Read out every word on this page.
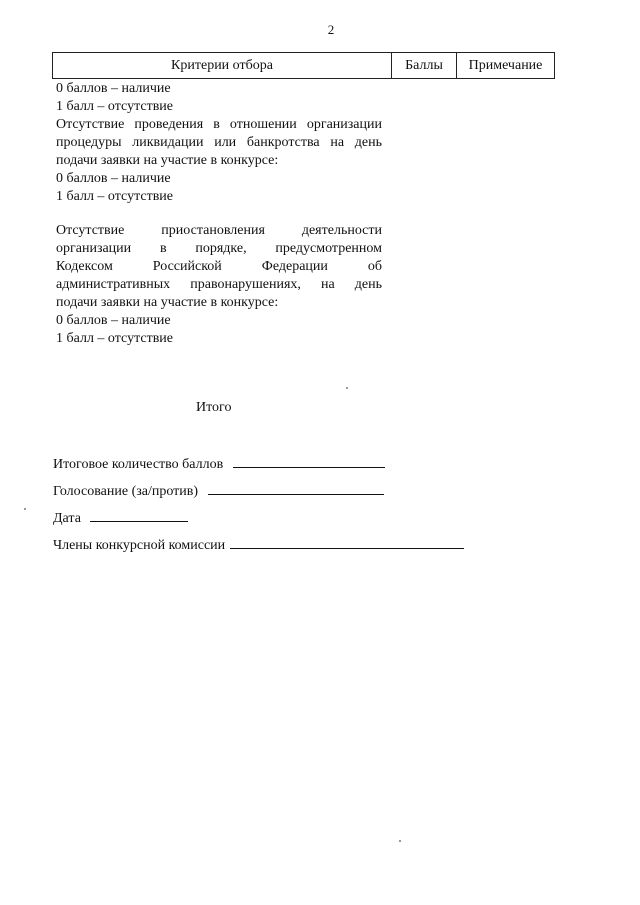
2
Критерии отбора	Баллы	Примечание

0 баллов – наличие

1 балл – отсутствие

Отсутствие проведения в отношении организации процедуры ликвидации или банкротства на день подачи заявки на участие в конкурсе:

0 баллов – наличие

1 балл – отсутствие

Отсутствие приостановления деятельности

организации в порядке, предусмотренном

Кодексом Российской Федерации об

административных правонарушениях, на день

подачи заявки на участие в конкурсе:

0 баллов – наличие

1 балл – отсутствие

Итого
Итоговое количество баллов
Голосование (за/против)
Дата
Члены конкурсной комиссии
